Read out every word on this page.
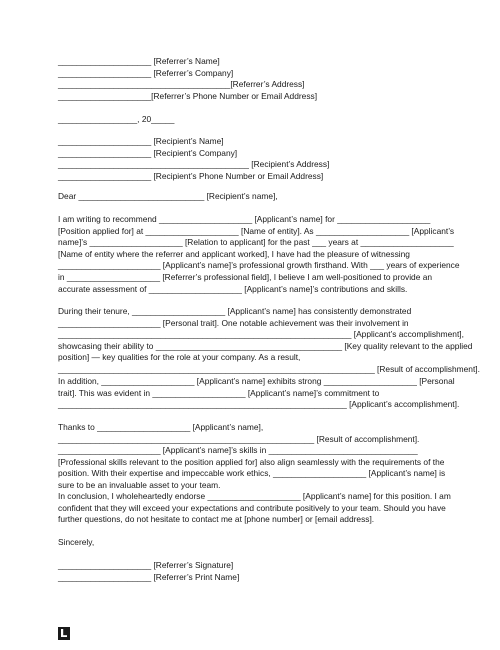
____________________ [Referrer’s Name]
____________________ [Referrer’s Company]
_____________________________________[Referrer’s Address]
____________________[Referrer’s Phone Number or Email Address]
_________________, 20_____
____________________ [Recipient’s Name]
____________________ [Recipient’s Company]
_________________________________________ [Recipient’s Address]
____________________ [Recipient’s Phone Number or Email Address]
Dear ___________________________ [Recipient’s name],
I am writing to recommend ____________________ [Applicant’s name] for ____________________
[Position applied for] at ____________________ [Name of entity]. As ____________________ [Applicant’s
name]’s ____________________ [Relation to applicant] for the past ___ years at ____________________
[Name of entity where the referrer and applicant worked], I have had the pleasure of witnessing
______________________ [Applicant’s name]’s professional growth firsthand. With ___ years of experience
in ____________________ [Referrer’s professional field], I believe I am well-positioned to provide an
accurate assessment of ____________________ [Applicant’s name]’s contributions and skills.
During their tenure, ____________________ [Applicant’s name] has consistently demonstrated
______________________ [Personal trait]. One notable achievement was their involvement in
_______________________________________________________________ [Applicant’s accomplishment],
showcasing their ability to ________________________________________ [Key quality relevant to the applied
position] — key qualities for the role at your company. As a result,
____________________________________________________________________ [Result of accomplishment].
In addition, ____________________ [Applicant’s name] exhibits strong ____________________ [Personal
trait]. This was evident in ____________________ [Applicant’s name]’s commitment to
______________________________________________________________ [Applicant’s accomplishment].
Thanks to ____________________ [Applicant’s name],
_______________________________________________________ [Result of accomplishment].
______________________ [Applicant’s name]’s skills in ________________________________
[Professional skills relevant to the position applied for] also align seamlessly with the requirements of the
position. With their expertise and impeccable work ethics, ____________________ [Applicant’s name] is
sure to be an invaluable asset to your team.
In conclusion, I wholeheartedly endorse ____________________ [Applicant’s name] for this position. I am
confident that they will exceed your expectations and contribute positively to your team. Should you have
further questions, do not hesitate to contact me at [phone number] or [email address].
Sincerely,
____________________ [Referrer’s Signature]
____________________ [Referrer’s Print Name]
